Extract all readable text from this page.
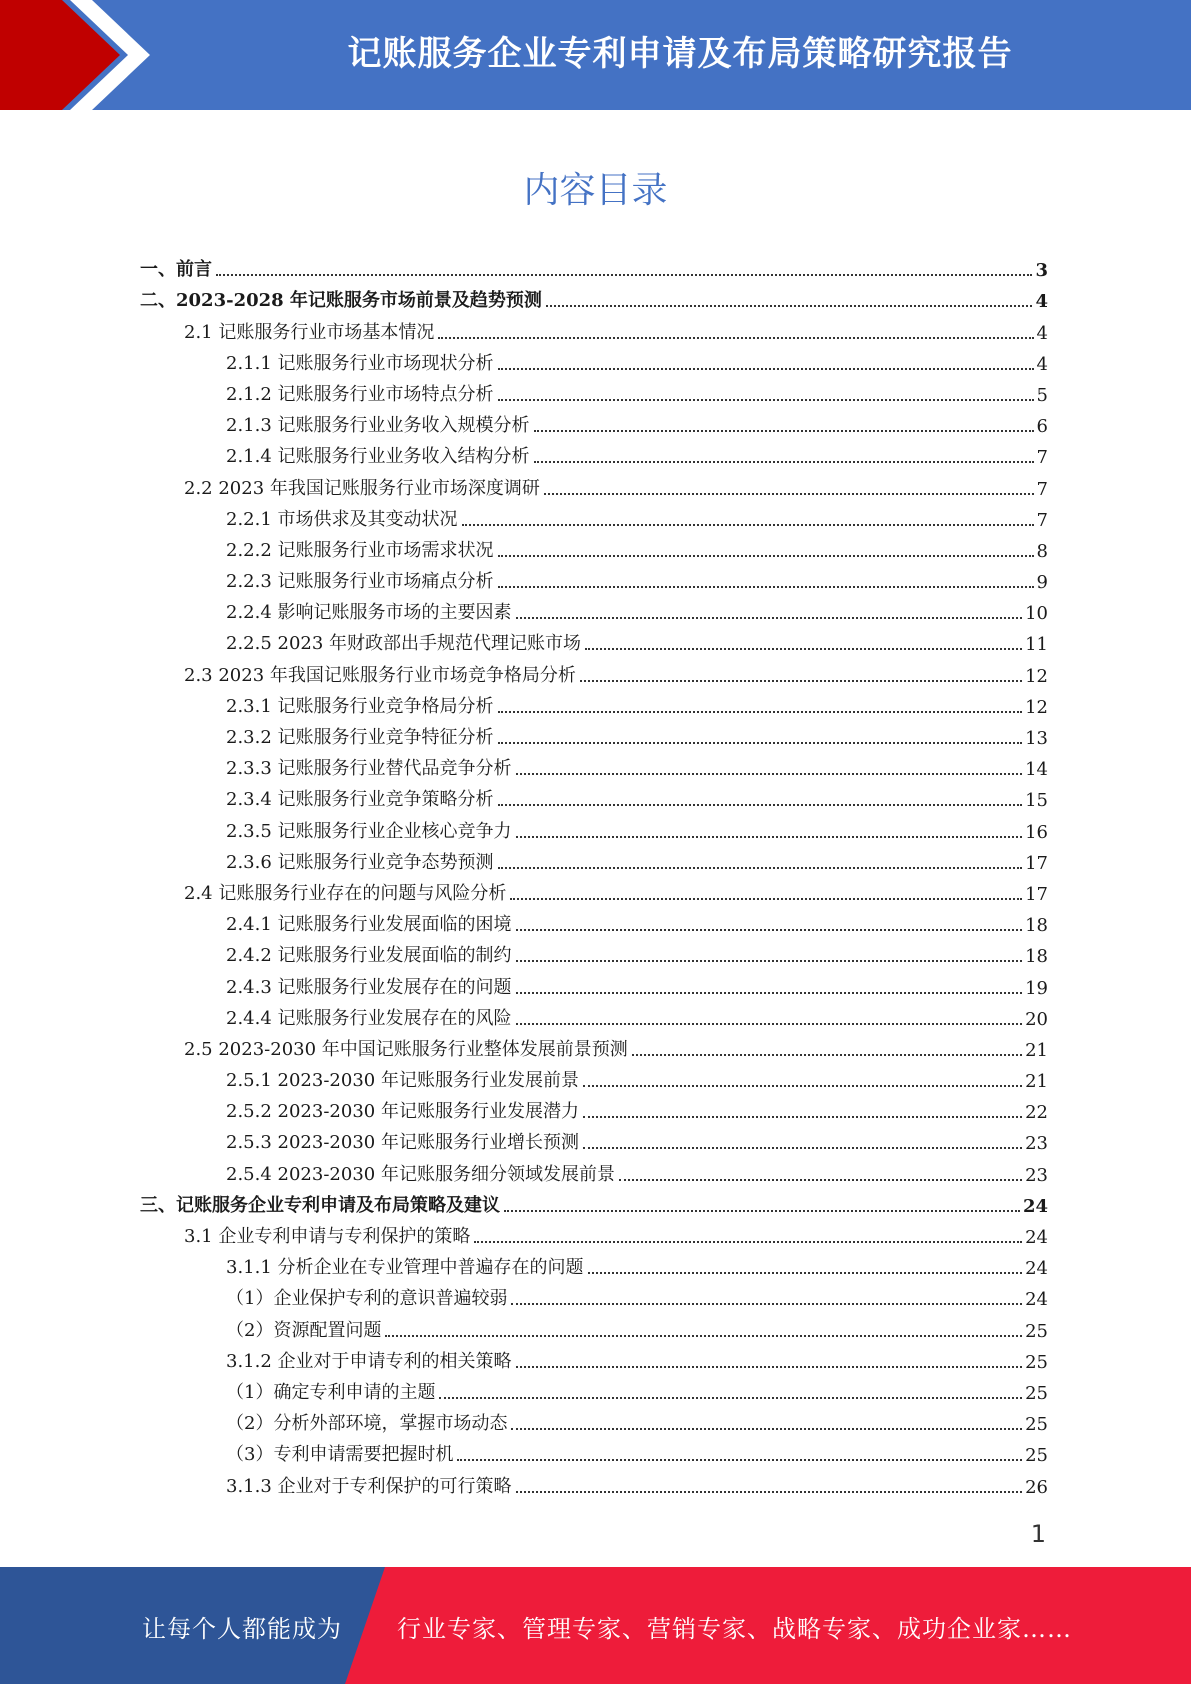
记账服务企业专利申请及布局策略研究报告
内容目录
一、前言	3
二、2023-2028 年记账服务市场前景及趋势预测	4
2.1 记账服务行业市场基本情况	4
2.1.1 记账服务行业市场现状分析	4
2.1.2 记账服务行业市场特点分析	5
2.1.3 记账服务行业业务收入规模分析	6
2.1.4 记账服务行业业务收入结构分析	7
2.2 2023 年我国记账服务行业市场深度调研	7
2.2.1 市场供求及其变动状况	7
2.2.2 记账服务行业市场需求状况	8
2.2.3 记账服务行业市场痛点分析	9
2.2.4 影响记账服务市场的主要因素	10
2.2.5 2023 年财政部出手规范代理记账市场	11
2.3 2023 年我国记账服务行业市场竞争格局分析	12
2.3.1 记账服务行业竞争格局分析	12
2.3.2 记账服务行业竞争特征分析	13
2.3.3 记账服务行业替代品竞争分析	14
2.3.4 记账服务行业竞争策略分析	15
2.3.5 记账服务行业企业核心竞争力	16
2.3.6 记账服务行业竞争态势预测	17
2.4 记账服务行业存在的问题与风险分析	17
2.4.1 记账服务行业发展面临的困境	18
2.4.2 记账服务行业发展面临的制约	18
2.4.3 记账服务行业发展存在的问题	19
2.4.4 记账服务行业发展存在的风险	20
2.5 2023-2030 年中国记账服务行业整体发展前景预测	21
2.5.1 2023-2030 年记账服务行业发展前景	21
2.5.2 2023-2030 年记账服务行业发展潜力	22
2.5.3 2023-2030 年记账服务行业增长预测	23
2.5.4 2023-2030 年记账服务细分领域发展前景	23
三、记账服务企业专利申请及布局策略及建议	24
3.1 企业专利申请与专利保护的策略	24
3.1.1 分析企业在专业管理中普遍存在的问题	24
（1）企业保护专利的意识普遍较弱	24
（2）资源配置问题	25
3.1.2 企业对于申请专利的相关策略	25
（1）确定专利申请的主题	25
（2）分析外部环境，掌握市场动态	25
（3）专利申请需要把握时机	25
3.1.3 企业对于专利保护的可行策略	26
1
让每个人都能成为 行业专家、管理专家、营销专家、战略专家、成功企业家……
